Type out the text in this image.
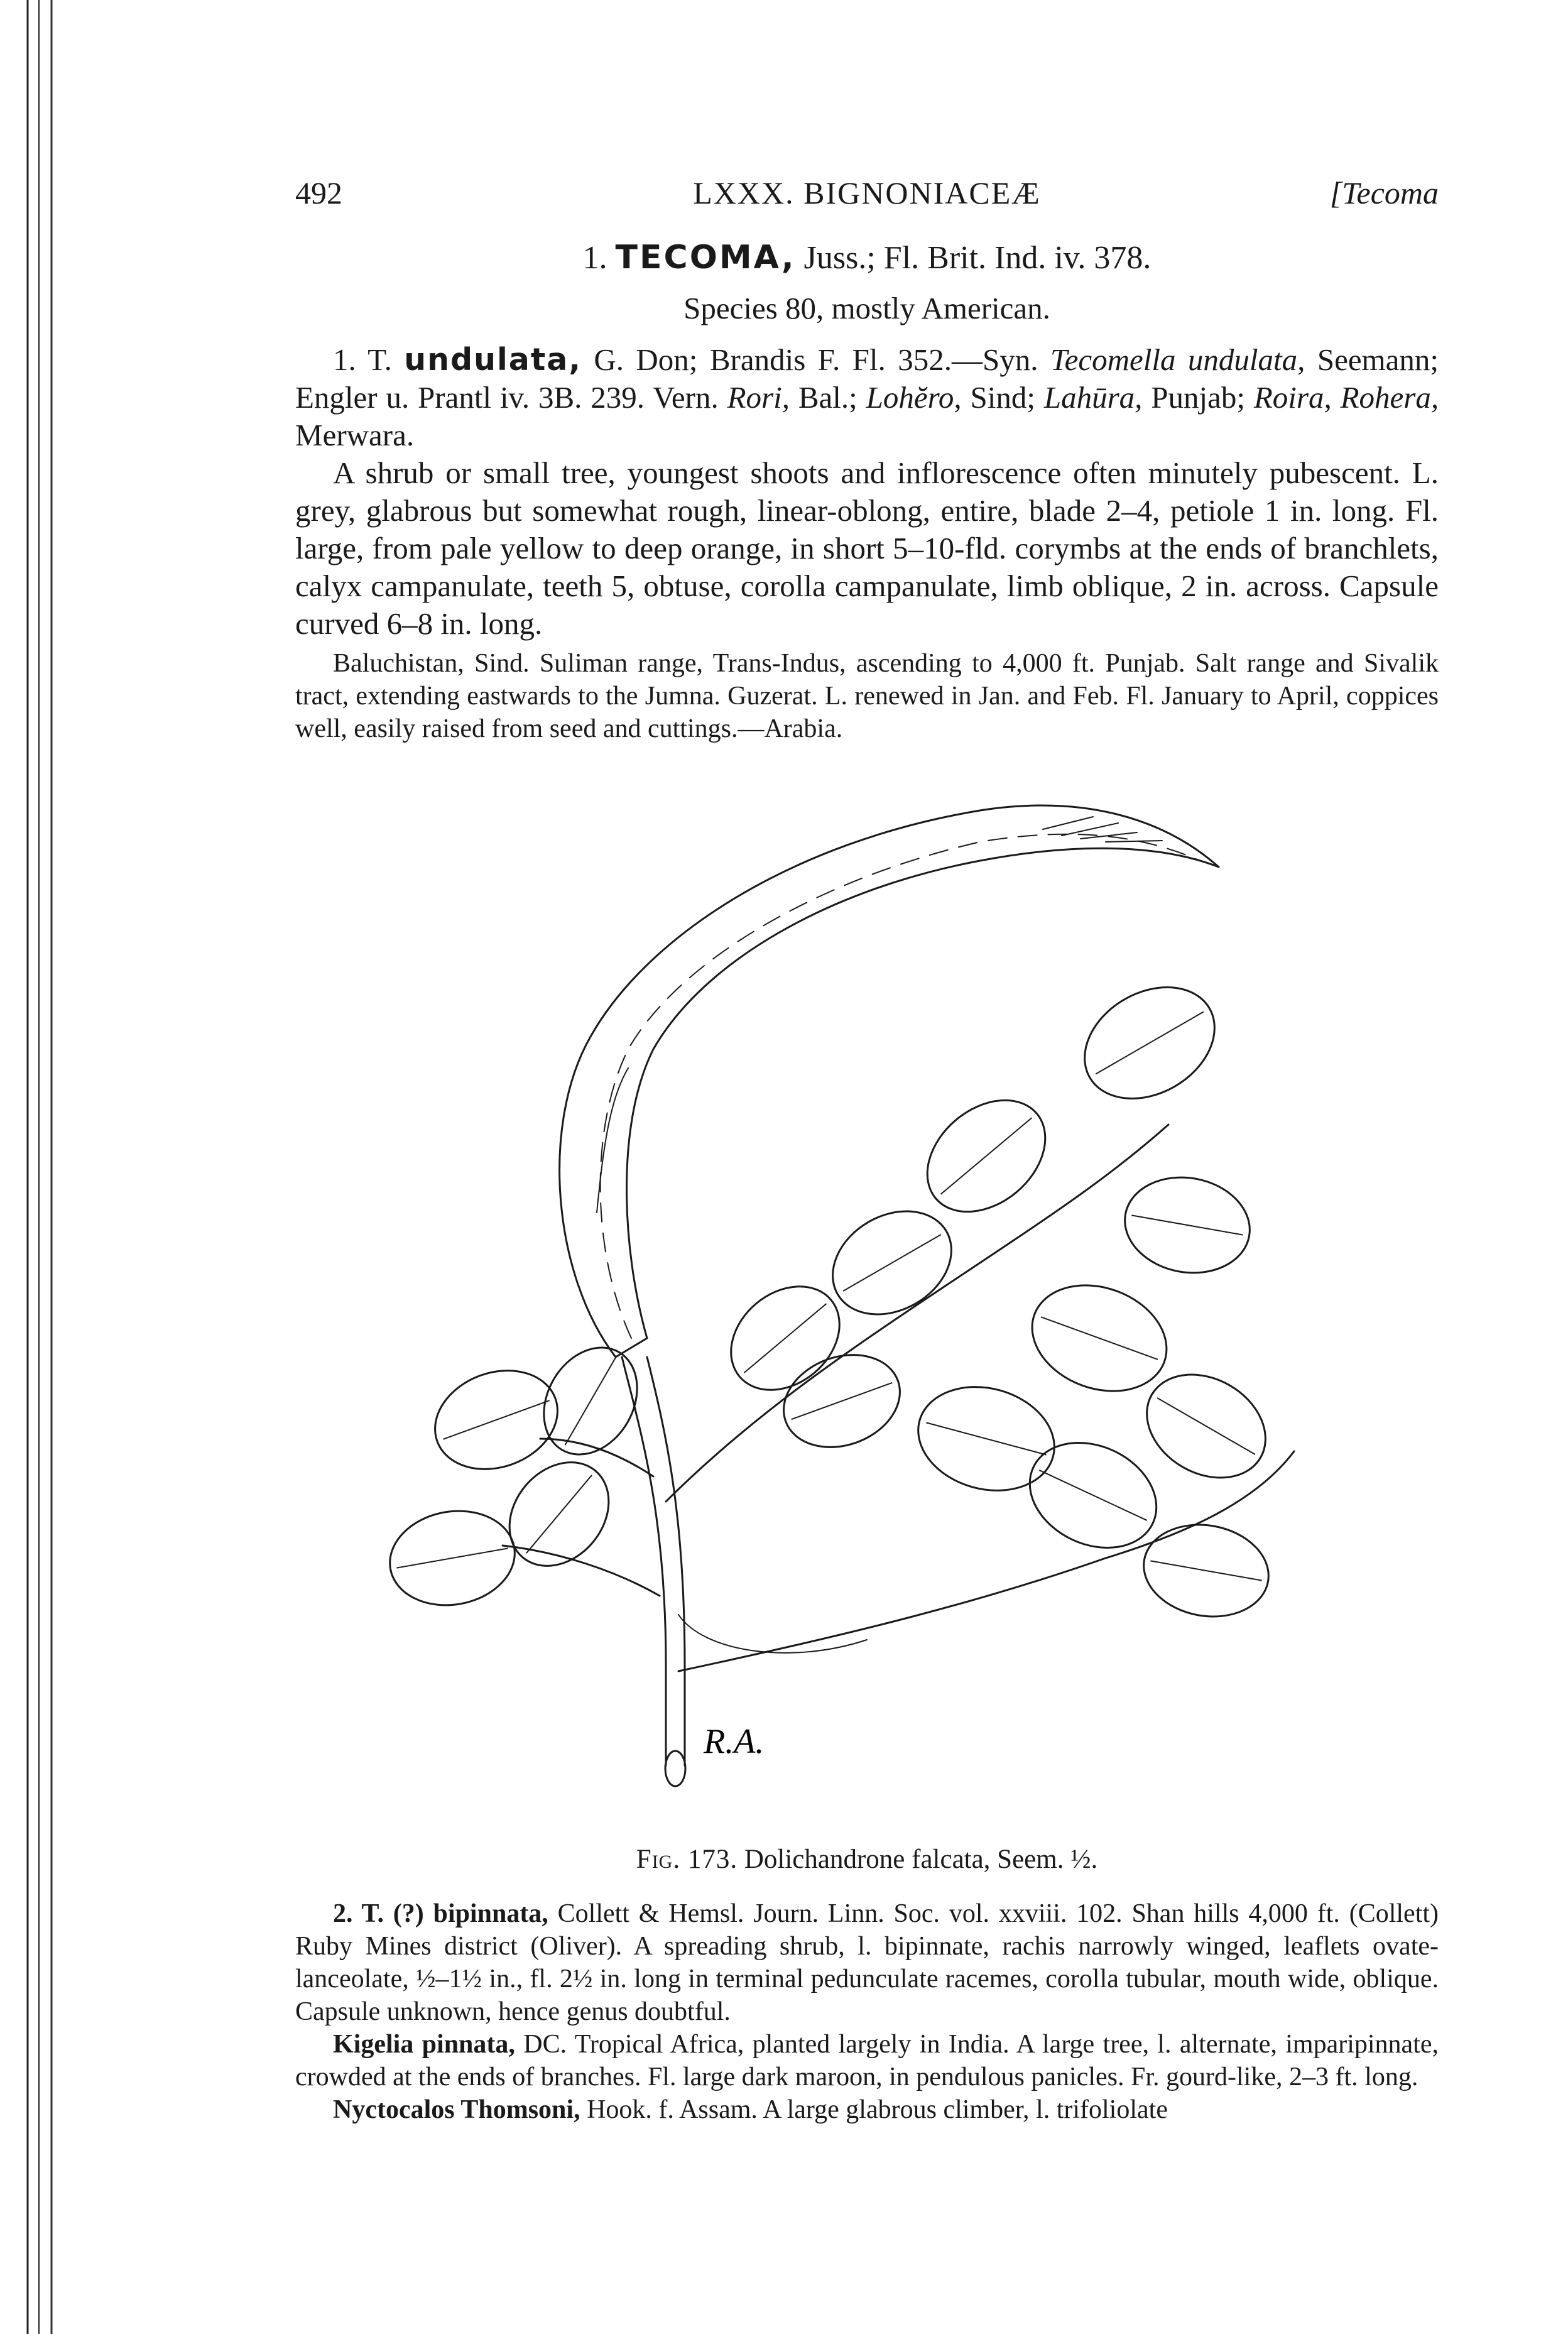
492	LXXX. BIGNONIACEÆ	[Tecoma
1. TECOMA, Juss.; Fl. Brit. Ind. iv. 378.
Species 80, mostly American.

1. T. undulata, G. Don; Brandis F. Fl. 352.—Syn. Tecomella undulata, Seemann; Engler u. Prantl iv. 3B. 239. Vern. Rori, Bal.; Lohĕro, Sind; Lahūra, Punjab; Roira, Rohera, Merwara.

A shrub or small tree, youngest shoots and inflorescence often minutely pubescent. L. grey, glabrous but somewhat rough, linear-oblong, entire, blade 2–4, petiole 1 in. long. Fl. large, from pale yellow to deep orange, in short 5–10-fld. corymbs at the ends of branchlets, calyx campanulate, teeth 5, obtuse, corolla campanulate, limb oblique, 2 in. across. Capsule curved 6–8 in. long.

Baluchistan, Sind. Suliman range, Trans-Indus, ascending to 4,000 ft. Punjab. Salt range and Sivalik tract, extending eastwards to the Jumna. Guzerat. L. renewed in Jan. and Feb. Fl. January to April, coppices well, easily raised from seed and cuttings.—Arabia.

R.A.
Fig. 173. Dolichandrone falcata, Seem. ½.

2. T. (?) bipinnata, Collett & Hemsl. Journ. Linn. Soc. vol. xxviii. 102. Shan hills 4,000 ft. (Collett) Ruby Mines district (Oliver). A spreading shrub, l. bipinnate, rachis narrowly winged, leaflets ovate-lanceolate, ½–1½ in., fl. 2½ in. long in terminal pedunculate racemes, corolla tubular, mouth wide, oblique. Capsule unknown, hence genus doubtful.

Kigelia pinnata, DC. Tropical Africa, planted largely in India. A large tree, l. alternate, imparipinnate, crowded at the ends of branches. Fl. large dark maroon, in pendulous panicles. Fr. gourd-like, 2–3 ft. long.

Nyctocalos Thomsoni, Hook. f. Assam. A large glabrous climber, l. trifoliolate
